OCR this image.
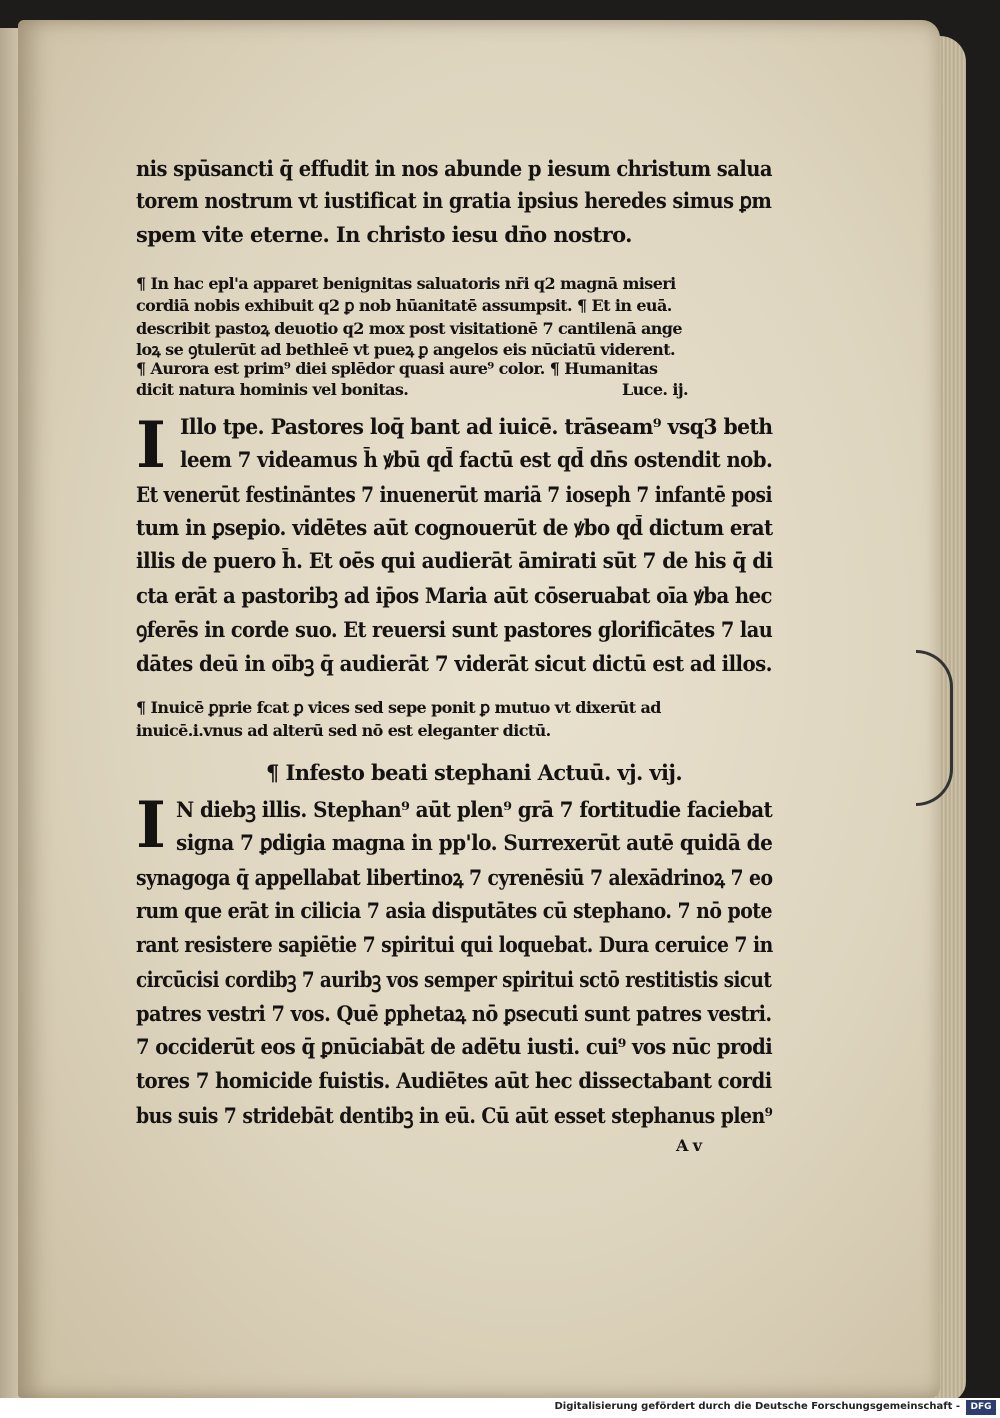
nis spūsancti q̄ effudit in nos abunde p iesum christum salua
torem nostrum vt iustificat in gratia ipsius heredes simus ꝑm
spem vite eterne. In christo iesu dn̄o nostro.
¶ In hac epl'a apparet benignitas saluatoris nr̄i q2 magnā miseri
cordiā nobis exhibuit q2 ꝑ nob hūanitatē assumpsit. ¶ Et in euā.
describit pastoꝝ deuotio q2 mox post visitationē 7 cantilenā ange
loꝝ se ꝯtulerūt ad bethleē vt pueꝝ ꝑ angelos eis nūciatū viderent.
¶ Aurora est prim⁹ diei splēdor quasi aure⁹ color. ¶ Humanitas
dicit natura hominis vel bonitas.	Luce. ij.
I Illo tpe. Pastores loq̄ bant ad iuicē. trāseam⁹ vsq3 beth
leem 7 videamus h̄ ꝟbū qd̄ factū est qd̄ dn̄s ostendit nob.
Et venerūt festināntes 7 inuenerūt mariā 7 ioseph 7 infantē posi
tum in ꝑsepio. vidētes aūt cognouerūt de ꝟbo qd̄ dictum erat
illis de puero h̄. Et oēs qui audierāt āmirati sūt 7 de his q̄ di
cta erāt a pastoribꝫ ad ip̄os Maria aūt cōseruabat oīa ꝟba hec
ꝯferēs in corde suo. Et reuersi sunt pastores glorificātes 7 lau
dātes deū in oībꝫ q̄ audierāt 7 viderāt sicut dictū est ad illos.
¶ Inuicē ꝑprie fcat ꝑ vices sed sepe ponit ꝑ mutuo vt dixerūt ad
inuicē.i.vnus ad alterū sed nō est eleganter dictū.
¶ Infesto beati stephani Actuū. vj. vij.
I N diebꝫ illis. Stephan⁹ aūt plen⁹ grā 7 fortitudie faciebat
signa 7 ꝑdigia magna in pp'lo. Surrexerūt autē quidā de
synagoga q̄ appellabat libertinoꝝ 7 cyrenēsiū 7 alexādrinoꝝ 7 eo
rum que erāt in cilicia 7 asia disputātes cū stephano. 7 nō pote
rant resistere sapiētie 7 spiritui qui loquebat. Dura ceruice 7 in
circūcisi cordibꝫ 7 auribꝫ vos semper spiritui sctō restitistis sicut
patres vestri 7 vos. Quē ꝑphetaꝝ nō ꝑsecuti sunt patres vestri.
7 occiderūt eos q̄ ꝑnūciabāt de adētu iusti. cui⁹ vos nūc prodi
tores 7 homicide fuistis. Audiētes aūt hec dissectabant cordi
bus suis 7 stridebāt dentibꝫ in eū. Cū aūt esset stephanus plen⁹
A v
Digitalisierung gefördert durch die Deutsche Forschungsgemeinschaft -	DFG
